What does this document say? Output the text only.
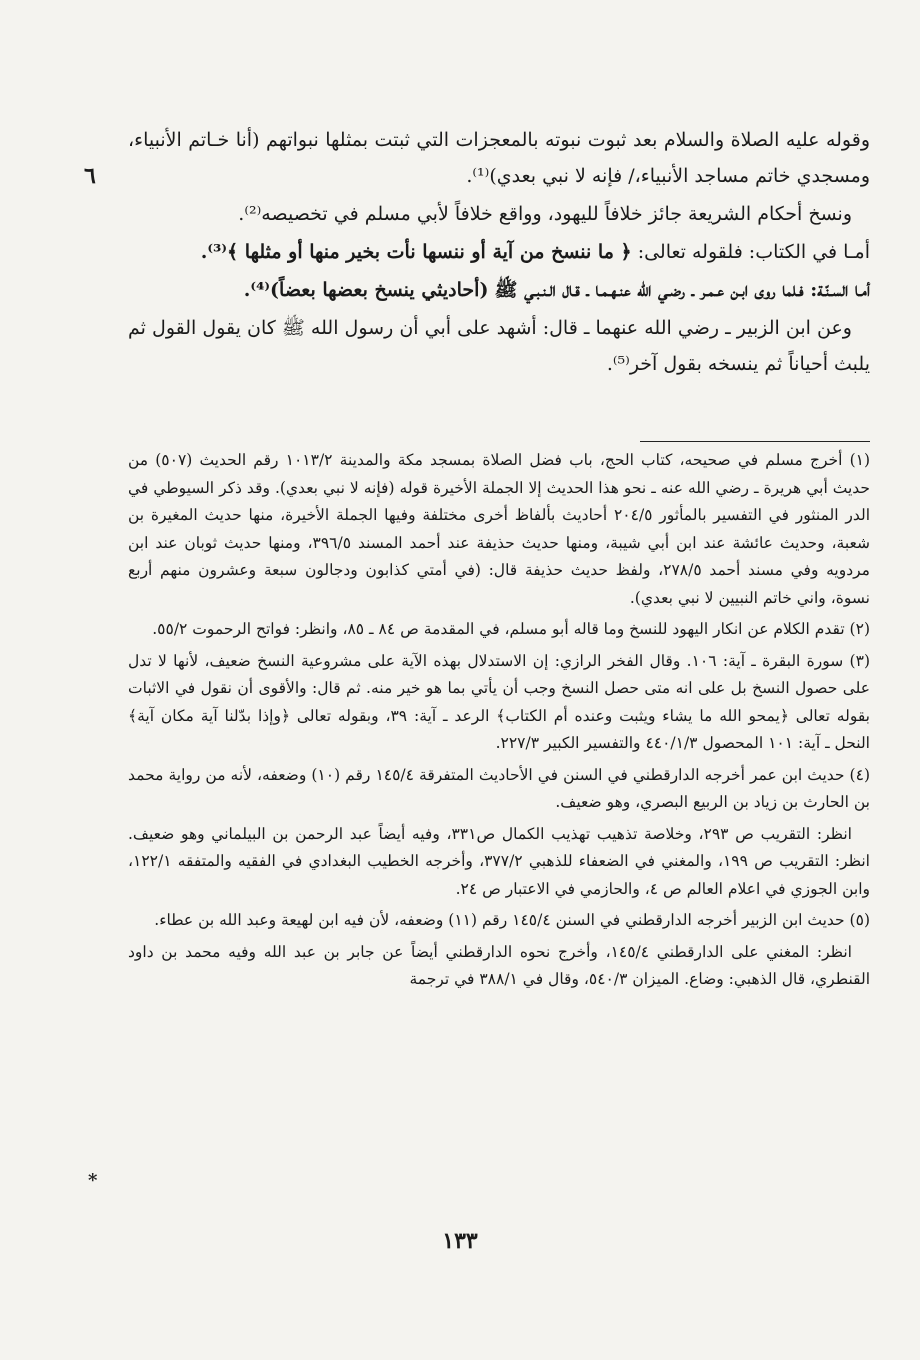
٦
*

وقوله عليه الصلاة والسلام بعد ثبوت نبوته بالمعجزات التي ثبتت بمثلها نبواتهم (أنا خـاتم الأنبياء، ومسجدي خاتم مساجد الأنبياء،/ فإنه لا نبي بعدي)⁽¹⁾.

ونسخ أحكام الشريعة جائز خلافاً لليهود، وواقع خلافاً لأبي مسلم في تخصيصه⁽²⁾.

أمـا في الكتاب: فلقوله تعالى: ﴿ ما ننسخ من آية أو ننسها نأت بخير منها أو مثلها ﴾⁽³⁾.

أمـا السـنّـة: فـلما روى ابـن عـمـر ـ رضـي الله عنـهـمـا ـ قـال الـنـبـي ﷺ (أحاديثي ينسخ بعضها بعضاً)⁽⁴⁾.

وعن ابن الزبير ـ رضي الله عنهما ـ قال: أشهد على أبي أن رسول الله ﷺ كان يقول القول ثم يلبث أحياناً ثم ينسخه بقول آخر⁽⁵⁾.

(١) أخرج مسلم في صحيحه، كتاب الحج، باب فضل الصلاة بمسجد مكة والمدينة ١٠١٣/٢ رقم الحديث (٥٠٧) من حديث أبي هريرة ـ رضي الله عنه ـ نحو هذا الحديث إلا الجملة الأخيرة قوله (فإنه لا نبي بعدي). وقد ذكر السيوطي في الدر المنثور في التفسير بالمأثور ٢٠٤/٥ أحاديث بألفاظ أخرى مختلفة وفيها الجملة الأخيرة، منها حديث المغيرة بن شعبة، وحديث عائشة عند ابن أبي شيبة، ومنها حديث حذيفة عند أحمد المسند ٣٩٦/٥، ومنها حديث ثوبان عند ابن مردويه وفي مسند أحمد ٢٧٨/٥، ولفظ حديث حذيفة قال: (في أمتي كذابون ودجالون سبعة وعشرون منهم أربع نسوة، واني خاتم النبيين لا نبي بعدي).

(٢) تقدم الكلام عن انكار اليهود للنسخ وما قاله أبو مسلم، في المقدمة ص ٨٤ ـ ٨٥، وانظر: فواتح الرحموت ٥٥/٢.

(٣) سورة البقرة ـ آية: ١٠٦. وقال الفخر الرازي: إن الاستدلال بهذه الآية على مشروعية النسخ ضعيف، لأنها لا تدل على حصول النسخ بل على انه متى حصل النسخ وجب أن يأتي بما هو خير منه. ثم قال: والأقوى أن نقول في الاثبات بقوله تعالى ﴿يمحو الله ما يشاء ويثبت وعنده أم الكتاب﴾ الرعد ـ آية: ٣٩، وبقوله تعالى ﴿وإذا بدّلنا آية مكان آية﴾ النحل ـ آية: ١٠١ المحصول ٤٤٠/١/٣ والتفسير الكبير ٢٢٧/٣.

(٤) حديث ابن عمر أخرجه الدارقطني في السنن في الأحاديث المتفرقة ١٤٥/٤ رقم (١٠) وضعفه، لأنه من رواية محمد بن الحارث بن زياد بن الربيع البصري، وهو ضعيف.

انظر: التقريب ص ٢٩٣، وخلاصة تذهيب تهذيب الكمال ص٣٣١، وفيه أيضاً عبد الرحمن بن البيلماني وهو ضعيف. انظر: التقريب ص ١٩٩، والمغني في الضعفاء للذهبي ٣٧٧/٢، وأخرجه الخطيب البغدادي في الفقيه والمتفقه ١٢٢/١، وابن الجوزي في اعلام العالم ص ٤، والحازمي في الاعتبار ص ٢٤.

(٥) حديث ابن الزبير أخرجه الدارقطني في السنن ١٤٥/٤ رقم (١١) وضعفه، لأن فيه ابن لهيعة وعبد الله بن عطاء.

انظر: المغني على الدارقطني ١٤٥/٤، وأخرج نحوه الدارقطني أيضاً عن جابر بن عبد الله وفيه محمد بن داود القنطري، قال الذهبي: وضاع. الميزان ٥٤٠/٣، وقال في ٣٨٨/١ في ترجمة

١٣٣
